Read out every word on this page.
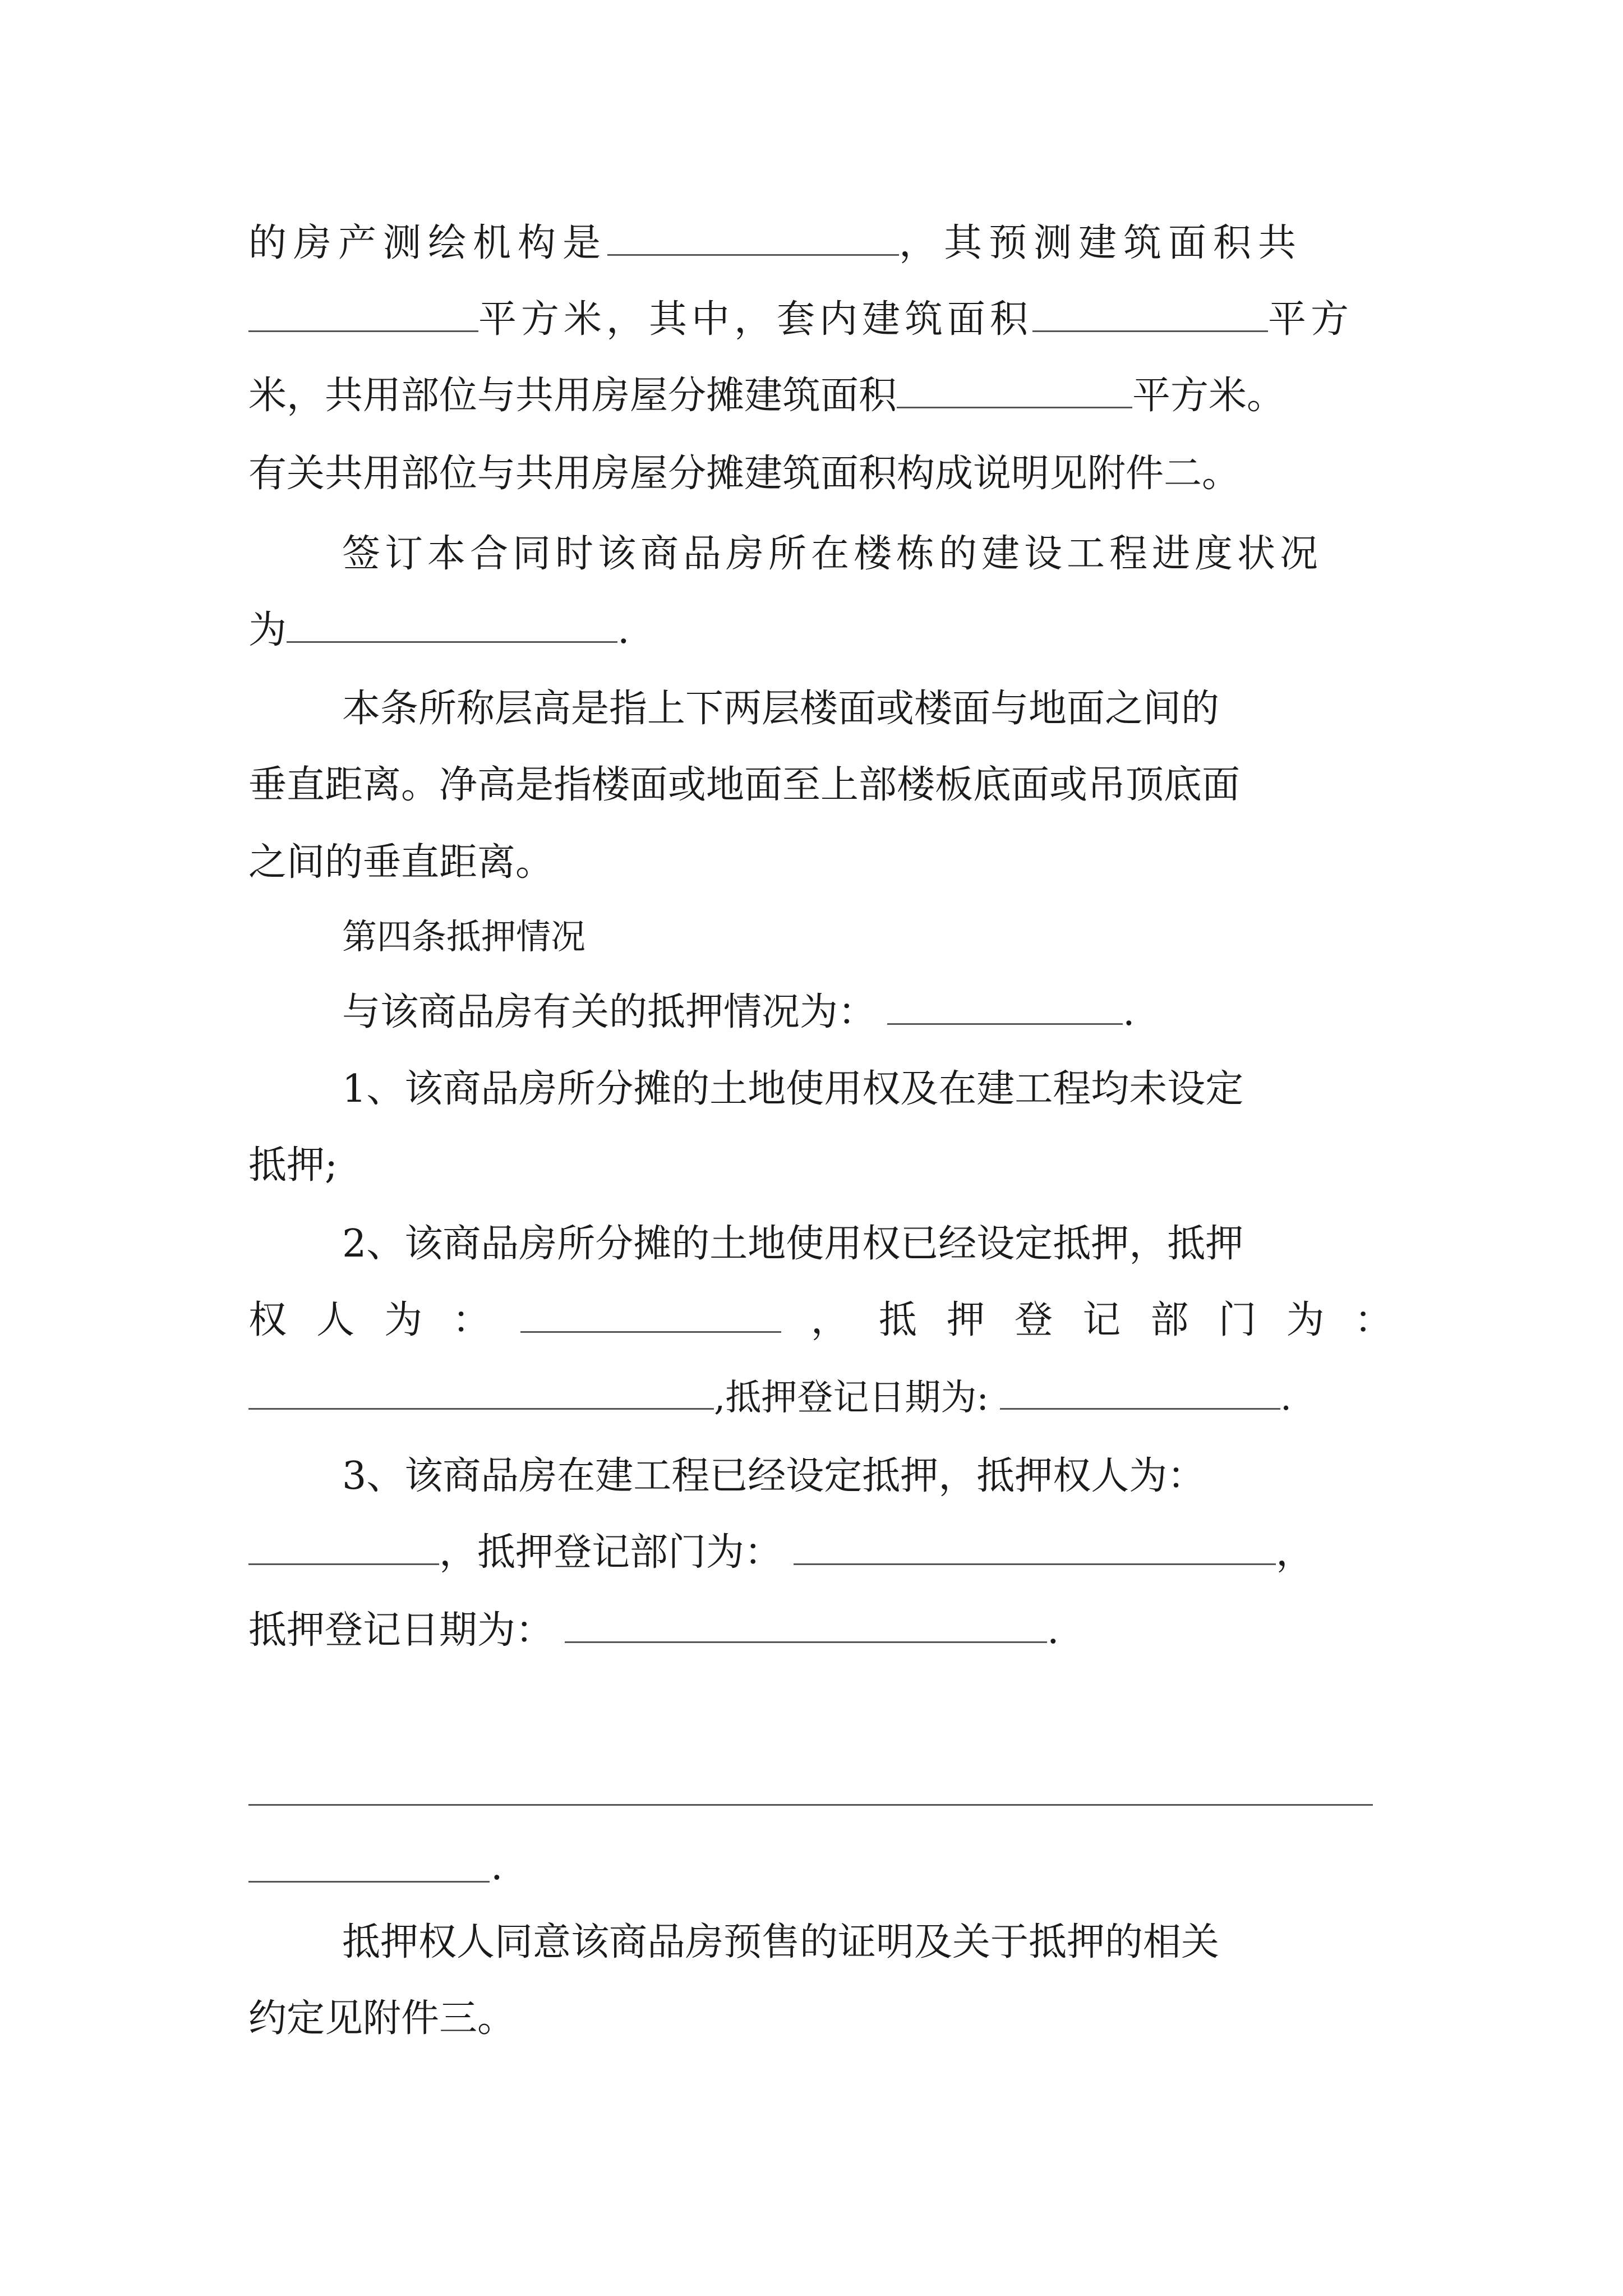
的房产测绘机构是	，其预测建筑面积共
平方米，其中，套内建筑面积	平方
米，共用部位与共用房屋分摊建筑面积	平方米。
有关共用部位与共用房屋分摊建筑面积构成说明见附件二。
签订本合同时该商品房所在楼栋的建设工程进度状况
为	.
本条所称层高是指上下两层楼面或楼面与地面之间的
垂直距离。净高是指楼面或地面至上部楼板底面或吊顶底面
之间的垂直距离。
第四条抵押情况
与该商品房有关的抵押情况为：	.
1、该商品房所分摊的土地使用权及在建工程均未设定
抵押;
2、该商品房所分摊的土地使用权已经设定抵押，抵押
权 人 为 ：	， 抵 押 登 记 部 门 为 ：
,抵押登记日期为:	.
3、该商品房在建工程已经设定抵押，抵押权人为：
，抵押登记部门为：	，
抵押登记日期为：	.
.
抵押权人同意该商品房预售的证明及关于抵押的相关
约定见附件三。
